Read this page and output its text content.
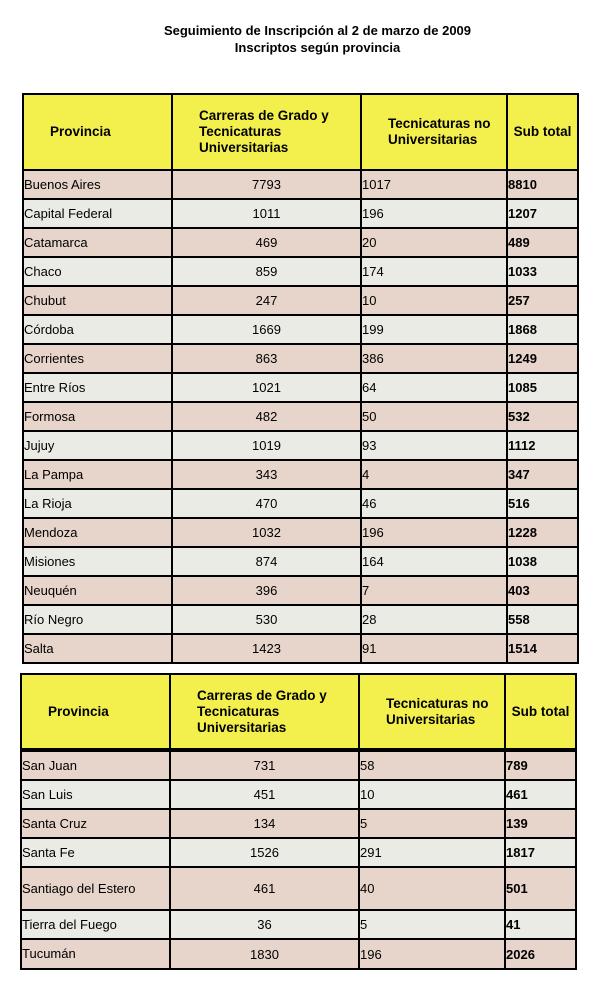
Seguimiento de Inscripción al 2 de marzo de 2009
Inscriptos según provincia
Provincia	Carreras de Grado y Tecnicaturas Universitarias	Tecnicaturas no Universitarias	Sub total
Buenos Aires	7793	1017	8810
Capital Federal	1011	196	1207
Catamarca	469	20	489
Chaco	859	174	1033
Chubut	247	10	257
Córdoba	1669	199	1868
Corrientes	863	386	1249
Entre Ríos	1021	64	1085
Formosa	482	50	532
Jujuy	1019	93	1112
La Pampa	343	4	347
La Rioja	470	46	516
Mendoza	1032	196	1228
Misiones	874	164	1038
Neuquén	396	7	403
Río Negro	530	28	558
Salta	1423	91	1514
Provincia	Carreras de Grado y Tecnicaturas Universitarias	Tecnicaturas no Universitarias	Sub total
San Juan	731	58	789
San Luis	451	10	461
Santa Cruz	134	5	139
Santa Fe	1526	291	1817
Santiago del Estero	461	40	501
Tierra del Fuego	36	5	41
Tucumán	1830	196	2026
